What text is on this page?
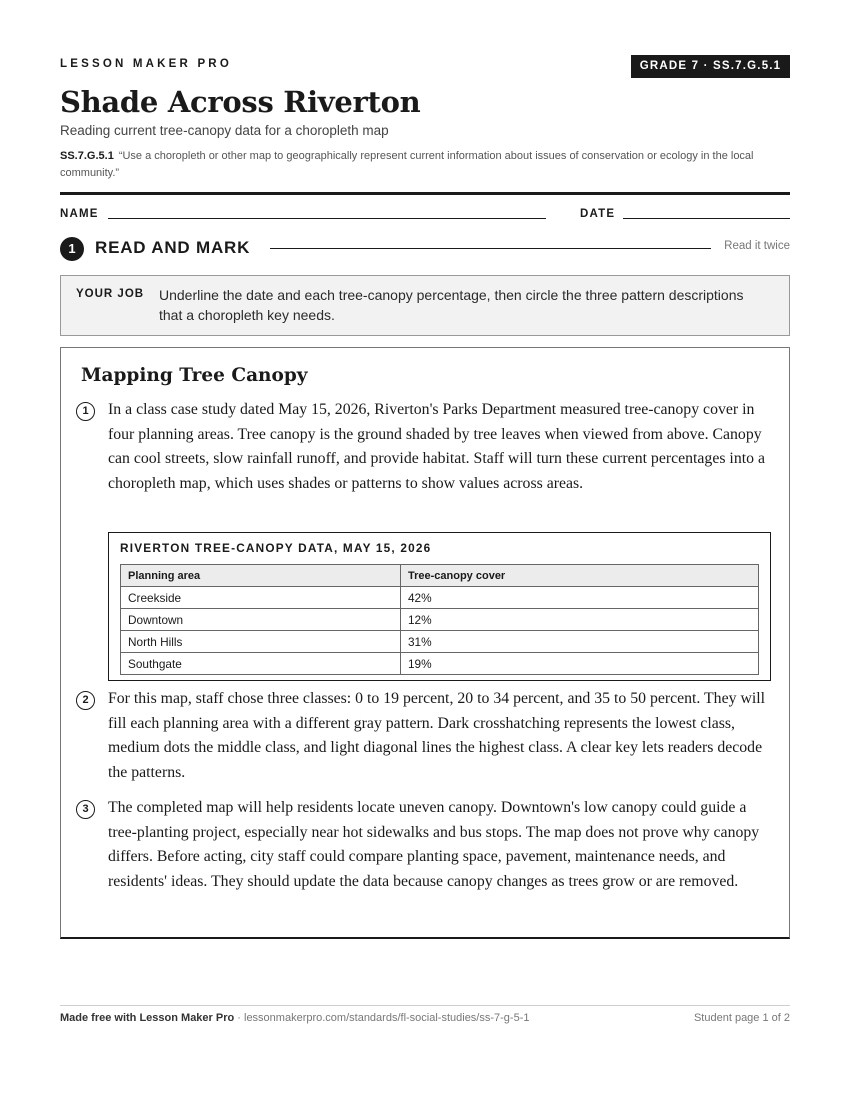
LESSON MAKER PRO	GRADE 7 · SS.7.G.5.1
Shade Across Riverton
Reading current tree-canopy data for a choropleth map
SS.7.G.5.1 “Use a choropleth or other map to geographically represent current information about issues of conservation or ecology in the local community.”
NAME	DATE
1	READ AND MARK	Read it twice
YOUR JOB Underline the date and each tree-canopy percentage, then circle the three pattern descriptions that a choropleth key needs.
Mapping Tree Canopy
1	In a class case study dated May 15, 2026, Riverton's Parks Department measured tree-canopy cover in four planning areas. Tree canopy is the ground shaded by tree leaves when viewed from above. Canopy can cool streets, slow rainfall runoff, and provide habitat. Staff will turn these current percentages into a choropleth map, which uses shades or patterns to show values across areas.

RIVERTON TREE-CANOPY DATA, MAY 15, 2026
Planning area	Tree-canopy cover
Creekside	42%
Downtown	12%
North Hills	31%
Southgate	19%
2	For this map, staff chose three classes: 0 to 19 percent, 20 to 34 percent, and 35 to 50 percent. They will fill each planning area with a different gray pattern. Dark crosshatching represents the lowest class, medium dots the middle class, and light diagonal lines the highest class. A clear key lets readers decode the patterns.

3	The completed map will help residents locate uneven canopy. Downtown's low canopy could guide a tree-planting project, especially near hot sidewalks and bus stops. The map does not prove why canopy differs. Before acting, city staff could compare planting space, pavement, maintenance needs, and residents' ideas. They should update the data because canopy changes as trees grow or are removed.

Made free with Lesson Maker Pro · lessonmakerpro.com/standards/fl-social-studies/ss-7-g-5-1	Student page 1 of 2
